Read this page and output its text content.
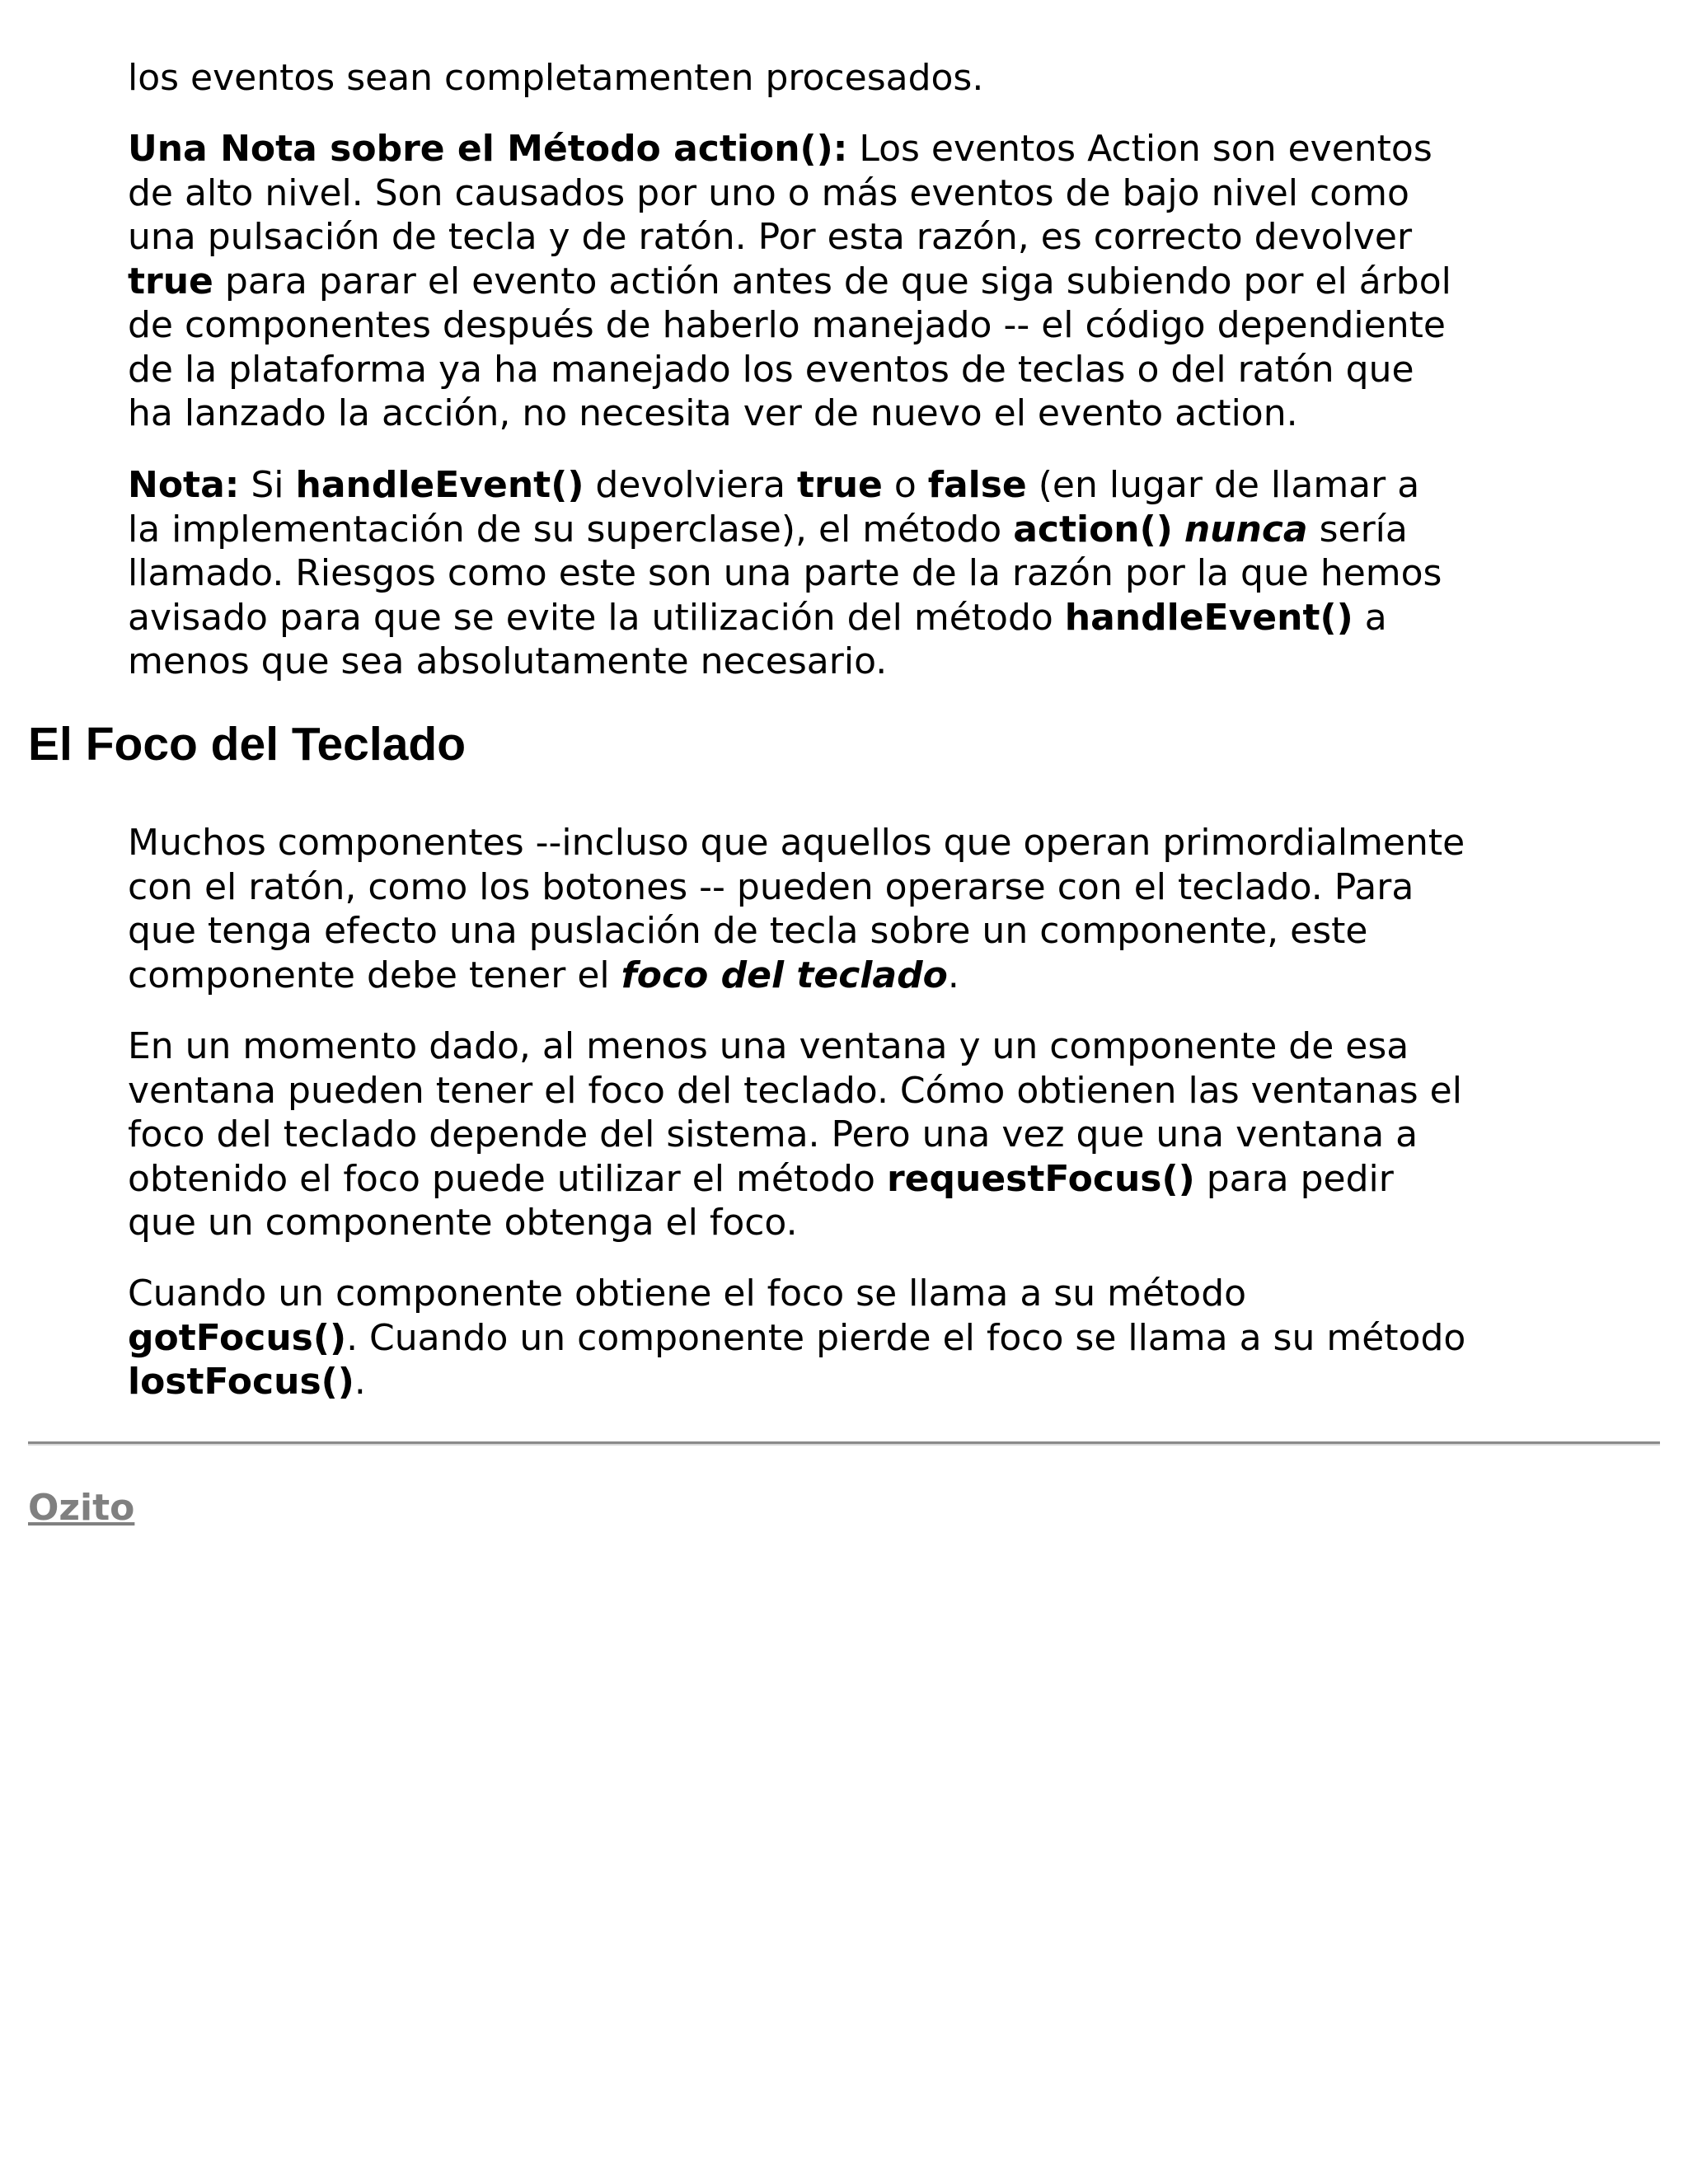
los eventos sean completamenten procesados.

Una Nota sobre el Método action(): Los eventos Action son eventos
de alto nivel. Son causados por uno o más eventos de bajo nivel como
una pulsación de tecla y de ratón. Por esta razón, es correcto devolver
true para parar el evento actión antes de que siga subiendo por el árbol
de componentes después de haberlo manejado -- el código dependiente
de la plataforma ya ha manejado los eventos de teclas o del ratón que
ha lanzado la acción, no necesita ver de nuevo el evento action.

Nota: Si handleEvent() devolviera true o false (en lugar de llamar a
la implementación de su superclase), el método action() nunca sería
llamado. Riesgos como este son una parte de la razón por la que hemos
avisado para que se evite la utilización del método handleEvent() a
menos que sea absolutamente necesario.

El Foco del Teclado

Muchos componentes --incluso que aquellos que operan primordialmente
con el ratón, como los botones -- pueden operarse con el teclado. Para
que tenga efecto una puslación de tecla sobre un componente, este
componente debe tener el foco del teclado.

En un momento dado, al menos una ventana y un componente de esa
ventana pueden tener el foco del teclado. Cómo obtienen las ventanas el
foco del teclado depende del sistema. Pero una vez que una ventana a
obtenido el foco puede utilizar el método requestFocus() para pedir
que un componente obtenga el foco.

Cuando un componente obtiene el foco se llama a su método
gotFocus(). Cuando un componente pierde el foco se llama a su método
lostFocus().

Ozito
